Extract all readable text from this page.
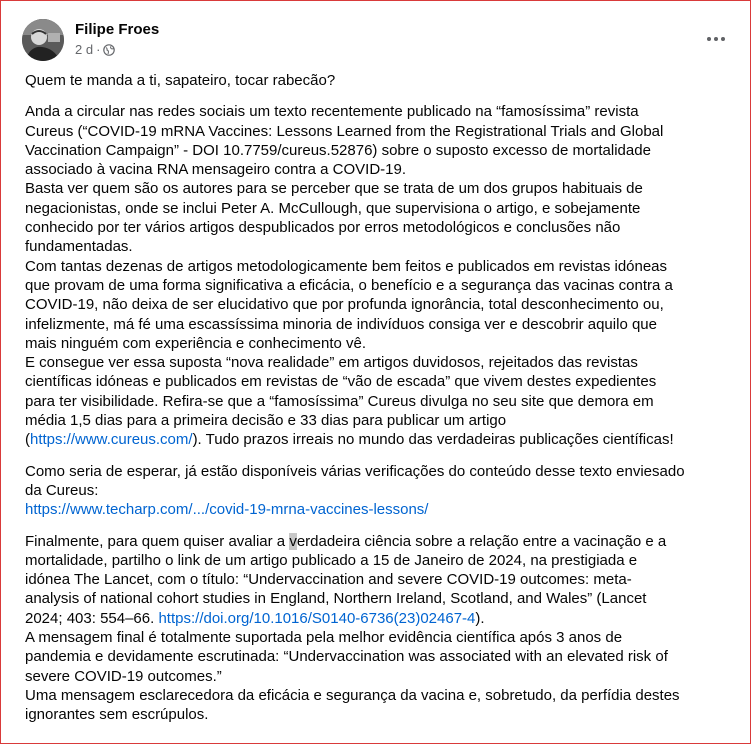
Filipe Froes
2 d ·

Quem te manda a ti, sapateiro, tocar rabecão?

Anda a circular nas redes sociais um texto recentemente publicado na “famosíssima” revista
Cureus (“COVID-19 mRNA Vaccines: Lessons Learned from the Registrational Trials and Global
Vaccination Campaign” - DOI 10.7759/cureus.52876) sobre o suposto excesso de mortalidade
associado à vacina RNA mensageiro contra a COVID-19.
Basta ver quem são os autores para se perceber que se trata de um dos grupos habituais de
negacionistas, onde se inclui Peter A. McCullough, que supervisiona o artigo, e sobejamente
conhecido por ter vários artigos despublicados por erros metodológicos e conclusões não
fundamentadas.
Com tantas dezenas de artigos metodologicamente bem feitos e publicados em revistas idóneas
que provam de uma forma significativa a eficácia, o benefício e a segurança das vacinas contra a
COVID-19, não deixa de ser elucidativo que por profunda ignorância, total desconhecimento ou,
infelizmente, má fé uma escassíssima minoria de indivíduos consiga ver e descobrir aquilo que
mais ninguém com experiência e conhecimento vê.
E consegue ver essa suposta “nova realidade” em artigos duvidosos, rejeitados das revistas
científicas idóneas e publicados em revistas de “vão de escada” que vivem destes expedientes
para ter visibilidade. Refira-se que a “famosíssima” Cureus divulga no seu site que demora em
média 1,5 dias para a primeira decisão e 33 dias para publicar um artigo
(https://www.cureus.com/). Tudo prazos irreais no mundo das verdadeiras publicações científicas!

Como seria de esperar, já estão disponíveis várias verificações do conteúdo desse texto enviesado
da Cureus:
https://www.techarp.com/.../covid-19-mrna-vaccines-lessons/

Finalmente, para quem quiser avaliar a verdadeira ciência sobre a relação entre a vacinação e a
mortalidade, partilho o link de um artigo publicado a 15 de Janeiro de 2024, na prestigiada e
idónea The Lancet, com o título: “Undervaccination and severe COVID-19 outcomes: meta-
analysis of national cohort studies in England, Northern Ireland, Scotland, and Wales” (Lancet
2024; 403: 554–66. https://doi.org/10.1016/S0140-6736(23)02467-4).
A mensagem final é totalmente suportada pela melhor evidência científica após 3 anos de
pandemia e devidamente escrutinada: “Undervaccination was associated with an elevated risk of
severe COVID-19 outcomes.”
Uma mensagem esclarecedora da eficácia e segurança da vacina e, sobretudo, da perfídia destes
ignorantes sem escrúpulos.
